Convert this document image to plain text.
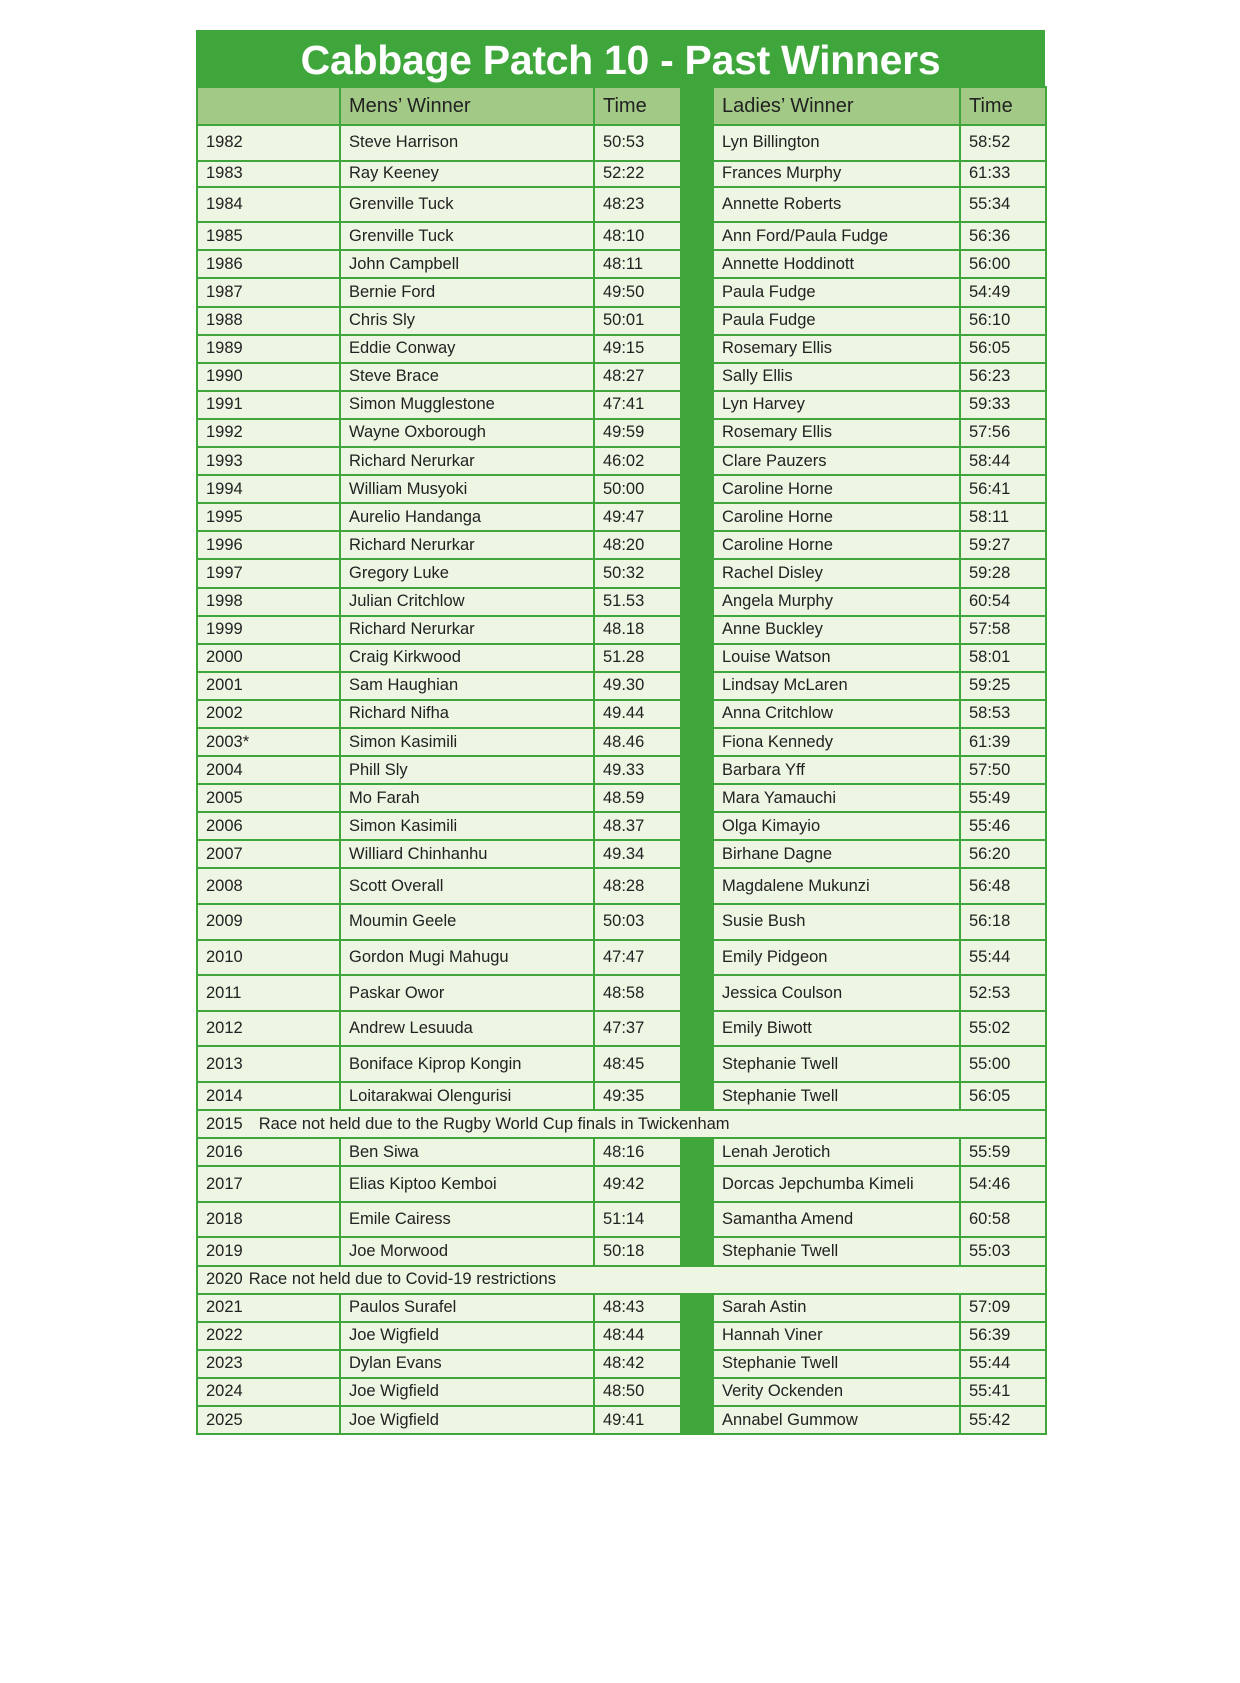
Cabbage Patch 10 - Past Winners
	Mens’ Winner	Time		Ladies’ Winner	Time
1982	Steve Harrison	50:53		Lyn Billington	58:52
1983	Ray Keeney	52:22		Frances Murphy	61:33
1984	Grenville Tuck	48:23		Annette Roberts	55:34
1985	Grenville Tuck	48:10		Ann Ford/Paula Fudge	56:36
1986	John Campbell	48:11		Annette Hoddinott	56:00
1987	Bernie Ford	49:50		Paula Fudge	54:49
1988	Chris Sly	50:01		Paula Fudge	56:10
1989	Eddie Conway	49:15		Rosemary Ellis	56:05
1990	Steve Brace	48:27		Sally Ellis	56:23
1991	Simon Mugglestone	47:41		Lyn Harvey	59:33
1992	Wayne Oxborough	49:59		Rosemary Ellis	57:56
1993	Richard Nerurkar	46:02		Clare Pauzers	58:44
1994	William Musyoki	50:00		Caroline Horne	56:41
1995	Aurelio Handanga	49:47		Caroline Horne	58:11
1996	Richard Nerurkar	48:20		Caroline Horne	59:27
1997	Gregory Luke	50:32		Rachel Disley	59:28
1998	Julian Critchlow	51.53		Angela Murphy	60:54
1999	Richard Nerurkar	48.18		Anne Buckley	57:58
2000	Craig Kirkwood	51.28		Louise Watson	58:01
2001	Sam Haughian	49.30		Lindsay McLaren	59:25
2002	Richard Nifha	49.44		Anna Critchlow	58:53
2003*	Simon Kasimili	48.46		Fiona Kennedy	61:39
2004	Phill Sly	49.33		Barbara Yff	57:50
2005	Mo Farah	48.59		Mara Yamauchi	55:49
2006	Simon Kasimili	48.37		Olga Kimayio	55:46
2007	Williard Chinhanhu	49.34		Birhane Dagne	56:20
2008	Scott Overall	48:28		Magdalene Mukunzi	56:48
2009	Moumin Geele	50:03		Susie Bush	56:18
2010	Gordon Mugi Mahugu	47:47		Emily Pidgeon	55:44
2011	Paskar Owor	48:58		Jessica Coulson	52:53
2012	Andrew Lesuuda	47:37		Emily Biwott	55:02
2013	Boniface Kiprop Kongin	48:45		Stephanie Twell	55:00
2014	Loitarakwai Olengurisi	49:35		Stephanie Twell	56:05
2015 Race not held due to the Rugby World Cup finals in Twickenham					
2016	Ben Siwa	48:16		Lenah Jerotich	55:59
2017	Elias Kiptoo Kemboi	49:42		Dorcas Jepchumba Kimeli	54:46
2018	Emile Cairess	51:14		Samantha Amend	60:58
2019	Joe Morwood	50:18		Stephanie Twell	55:03
2020 Race not held due to Covid-19 restrictions					
2021	Paulos Surafel	48:43		Sarah Astin	57:09
2022	Joe Wigfield	48:44		Hannah Viner	56:39
2023	Dylan Evans	48:42		Stephanie Twell	55:44
2024	Joe Wigfield	48:50		Verity Ockenden	55:41
2025	Joe Wigfield	49:41		Annabel Gummow	55:42
